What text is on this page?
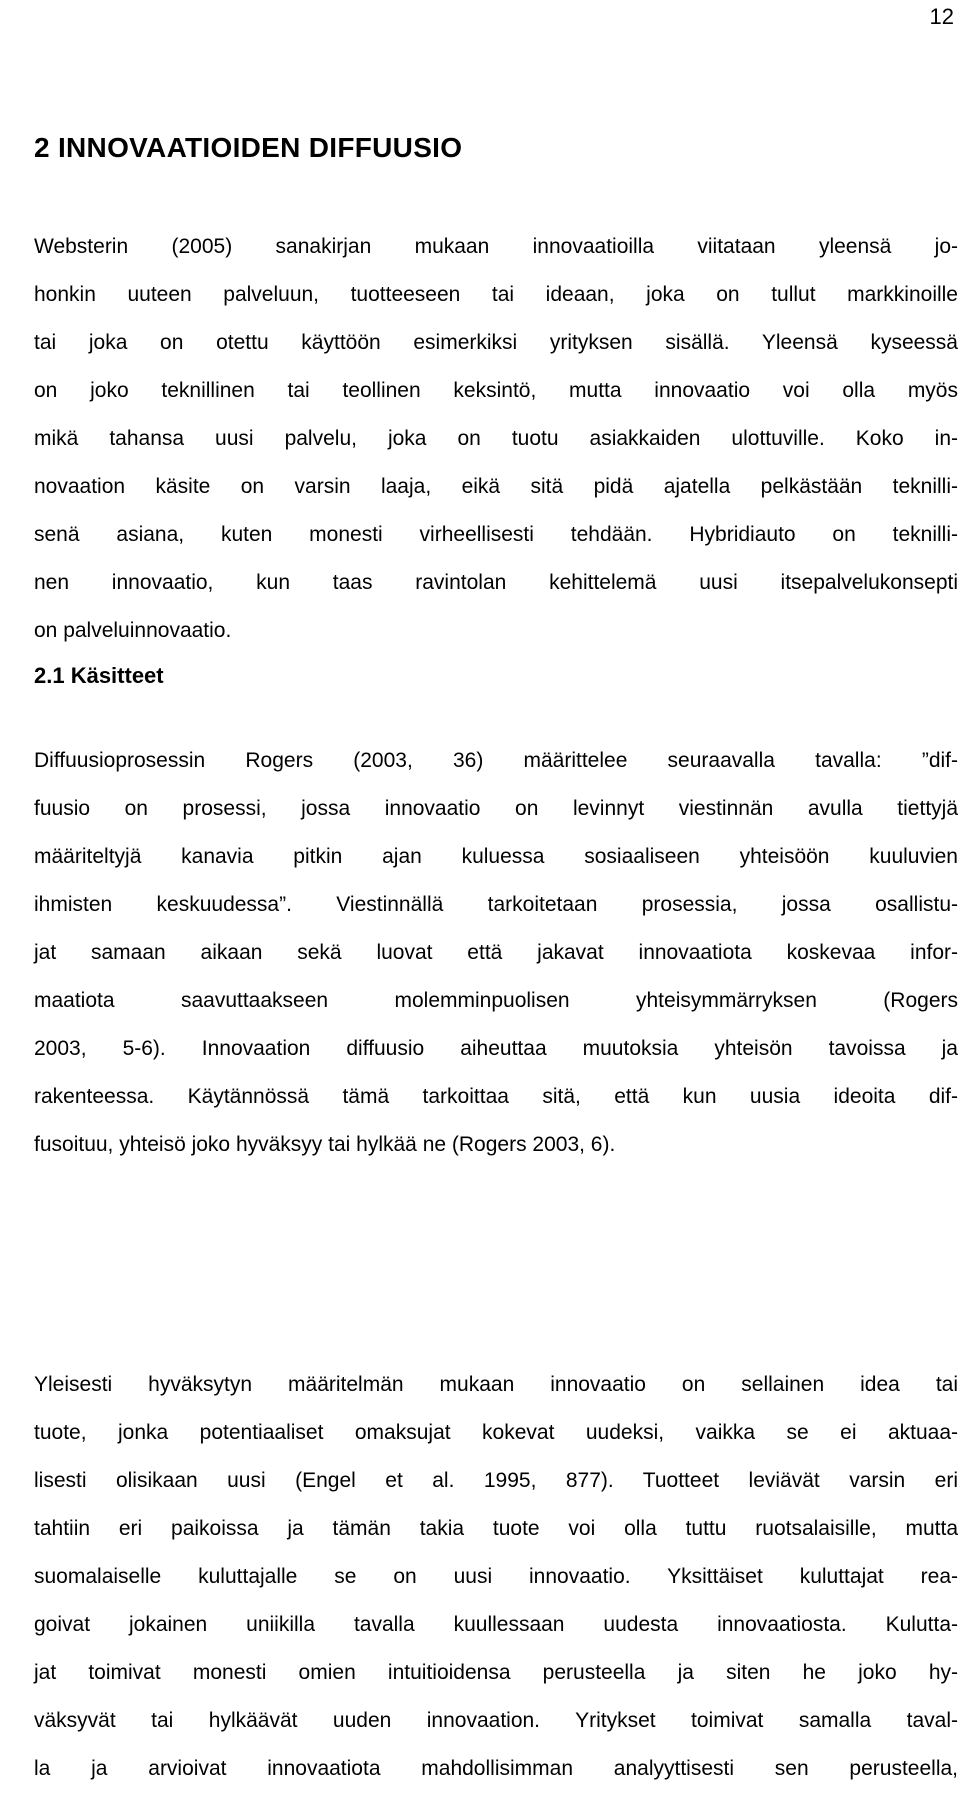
12
2 INNOVAATIOIDEN DIFFUUSIO
Websterin (2005) sanakirjan mukaan innovaatioilla viitataan yleensä jo-
honkin uuteen palveluun, tuotteeseen tai ideaan, joka on tullut markkinoille
tai joka on otettu käyttöön esimerkiksi yrityksen sisällä. Yleensä kyseessä
on joko teknillinen tai teollinen keksintö, mutta innovaatio voi olla myös
mikä tahansa uusi palvelu, joka on tuotu asiakkaiden ulottuville. Koko in-
novaation käsite on varsin laaja, eikä sitä pidä ajatella pelkästään teknilli-
senä asiana, kuten monesti virheellisesti tehdään. Hybridiauto on teknilli-
nen innovaatio, kun taas ravintolan kehittelemä uusi itsepalvelukonsepti
on palveluinnovaatio.
2.1 Käsitteet
Diffuusioprosessin Rogers (2003, 36) määrittelee seuraavalla tavalla: ”dif-
fuusio on prosessi, jossa innovaatio on levinnyt viestinnän avulla tiettyjä
määriteltyjä kanavia pitkin ajan kuluessa sosiaaliseen yhteisöön kuuluvien
ihmisten keskuudessa”. Viestinnällä tarkoitetaan prosessia, jossa osallistu-
jat samaan aikaan sekä luovat että jakavat innovaatiota koskevaa infor-
maatiota saavuttaakseen molemminpuolisen yhteisymmärryksen (Rogers
2003, 5-6). Innovaation diffuusio aiheuttaa muutoksia yhteisön tavoissa ja
rakenteessa. Käytännössä tämä tarkoittaa sitä, että kun uusia ideoita dif-
fusoituu, yhteisö joko hyväksyy tai hylkää ne (Rogers 2003, 6).
Yleisesti hyväksytyn määritelmän mukaan innovaatio on sellainen idea tai
tuote, jonka potentiaaliset omaksujat kokevat uudeksi, vaikka se ei aktuaa-
lisesti olisikaan uusi (Engel et al. 1995, 877). Tuotteet leviävät varsin eri
tahtiin eri paikoissa ja tämän takia tuote voi olla tuttu ruotsalaisille, mutta
suomalaiselle kuluttajalle se on uusi innovaatio. Yksittäiset kuluttajat rea-
goivat jokainen uniikilla tavalla kuullessaan uudesta innovaatiosta. Kulutta-
jat toimivat monesti omien intuitioidensa perusteella ja siten he joko hy-
väksyvät tai hylkäävät uuden innovaation. Yritykset toimivat samalla taval-
la ja arvioivat innovaatiota mahdollisimman analyyttisesti sen perusteella,
